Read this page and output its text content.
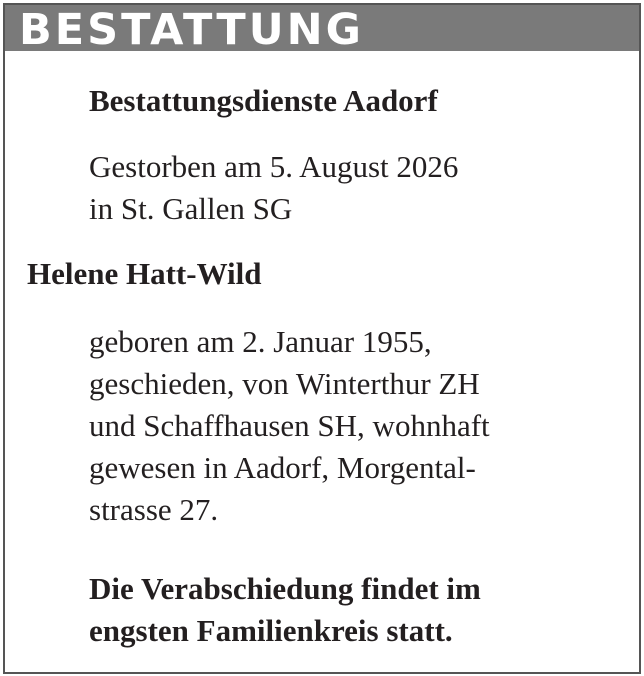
BESTATTUNG
Bestattungsdienste Aadorf
Gestorben am 5. August 2026
in St. Gallen SG
Helene Hatt-Wild
geboren am 2. Januar 1955,
geschieden, von Winterthur ZH
und Schaffhausen SH, wohnhaft
gewesen in Aadorf, Morgental-
strasse 27.
Die Verabschiedung findet im
engsten Familienkreis statt.
